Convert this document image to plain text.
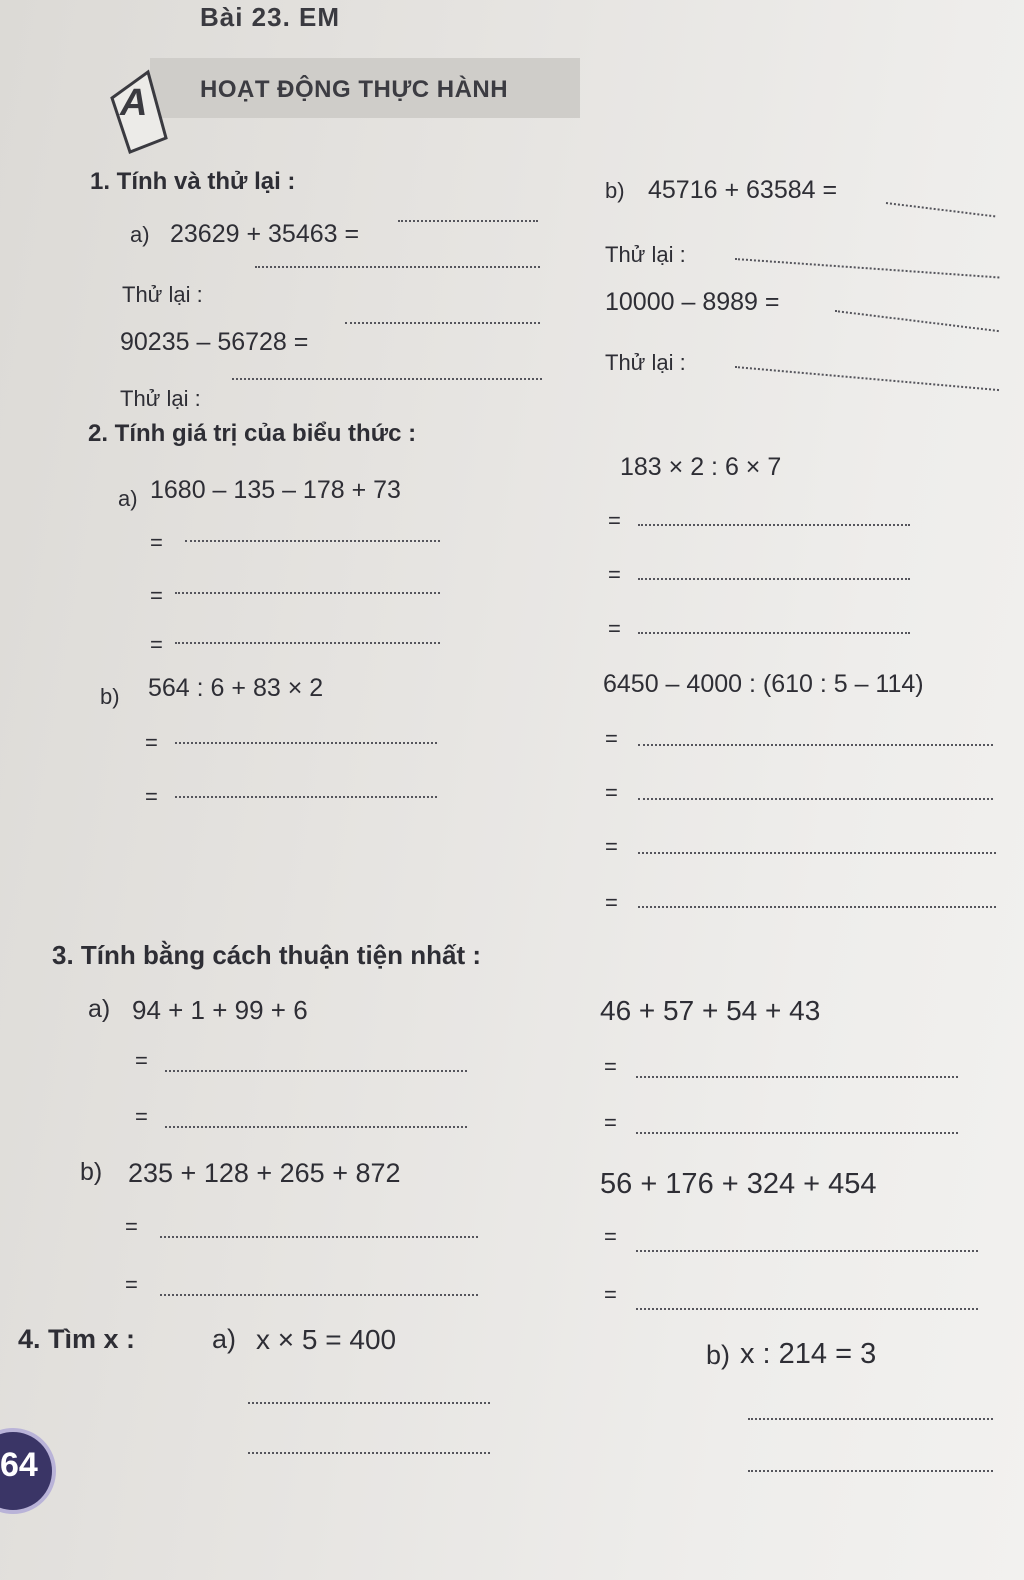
Bài 23. EM
A HOẠT ĐỘNG THỰC HÀNH
1. Tính và thử lại :
a) 23629 + 35463 =
Thử lại :
90235 – 56728 =
Thử lại :
b) 45716 + 63584 =
Thử lại :
10000 – 8989 =
Thử lại :
2. Tính giá trị của biểu thức :
a) 1680 – 135 – 178 + 73
183 × 2 : 6 × 7
=
=
=
=
=
=
b) 564 : 6 + 83 × 2	6450 – 4000 : (610 : 5 – 114)
=
=
=
=
=
=
3. Tính bằng cách thuận tiện nhất :
a) 94 + 1 + 99 + 6	46 + 57 + 54 + 43
=
=
=
=
b) 235 + 128 + 265 + 872	56 + 176 + 324 + 454
=
=
=
=
4. Tìm x :	a) x × 5 = 400	b) x : 214 = 3
64
